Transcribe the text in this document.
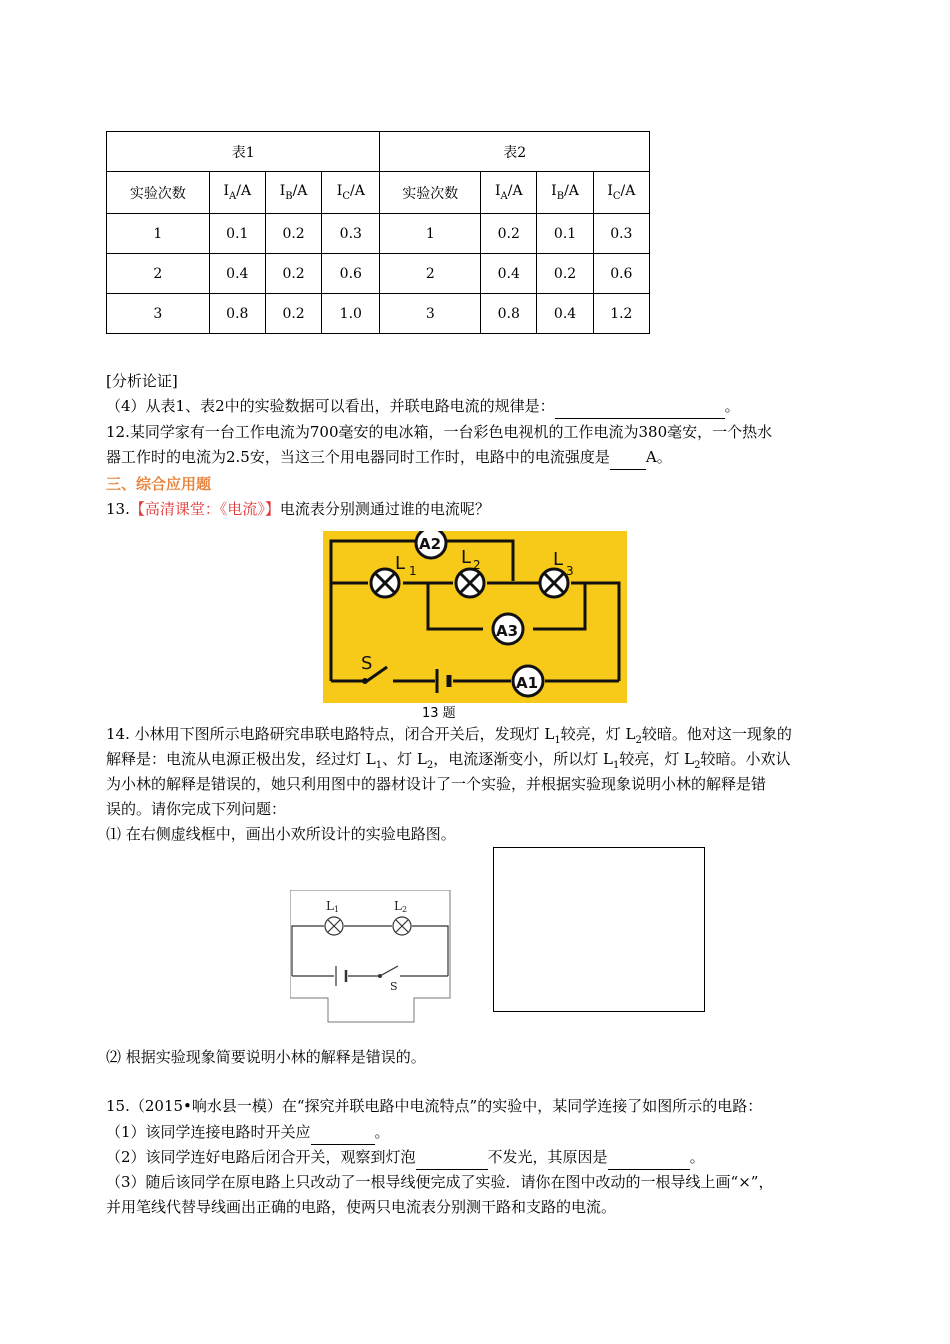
表1				表2			
实验次数	$I_A/A$	$I_B/A$	$I_C/A$	实验次数	$I_A/A$	$I_B/A$	$I_C/A$
1	0.1	0.2	0.3	1	0.2	0.1	0.3
2	0.4	0.2	0.6	2	0.4	0.2	0.6
3	0.8	0.2	1.0	3	0.8	0.4	1.2
[分析论证]
（4）从表1、表2中的实验数据可以看出，并联电路电流的规律是：	。
12.某同学家有一台工作电流为700毫安的电冰箱，一台彩色电视机的工作电流为380毫安，一个热水
器工作时的电流为2.5安，当这三个用电器同时工作时，电路中的电流强度是 A。
三、综合应用题
13.【高清课堂：《电流》】电流表分别测通过谁的电流呢？
A2
L 1
L 2	L
3
A3
S
A1
13 题
14. 小林用下图所示电路研究串联电路特点，闭合开关后，发现灯 $L_1$较亮，灯 $L_2$较暗。他对这一现象的
解释是：电流从电源正极出发，经过灯 $L_1$、灯 $L_2$，电流逐渐变小，所以灯 $L_1$较亮，灯 $L_2$较暗。小欢认
为小林的解释是错误的，她只利用图中的器材设计了一个实验，并根据实验现象说明小林的解释是错
误的。请你完成下列问题：
⑴ 在右侧虚线框中，画出小欢所设计的实验电路图。
L 1	L 2
S
⑵ 根据实验现象简要说明小林的解释是错误的。
15.（2015•响水县一模）在“探究并联电路中电流特点”的实验中，某同学连接了如图所示的电路：
（1）该同学连接电路时开关应	。
（2）该同学连好电路后闭合开关，观察到灯泡	不发光，其原因是	。
（3）随后该同学在原电路上只改动了一根导线便完成了实验．请你在图中改动的一根导线上画“×”，
并用笔线代替导线画出正确的电路，使两只电流表分别测干路和支路的电流。
